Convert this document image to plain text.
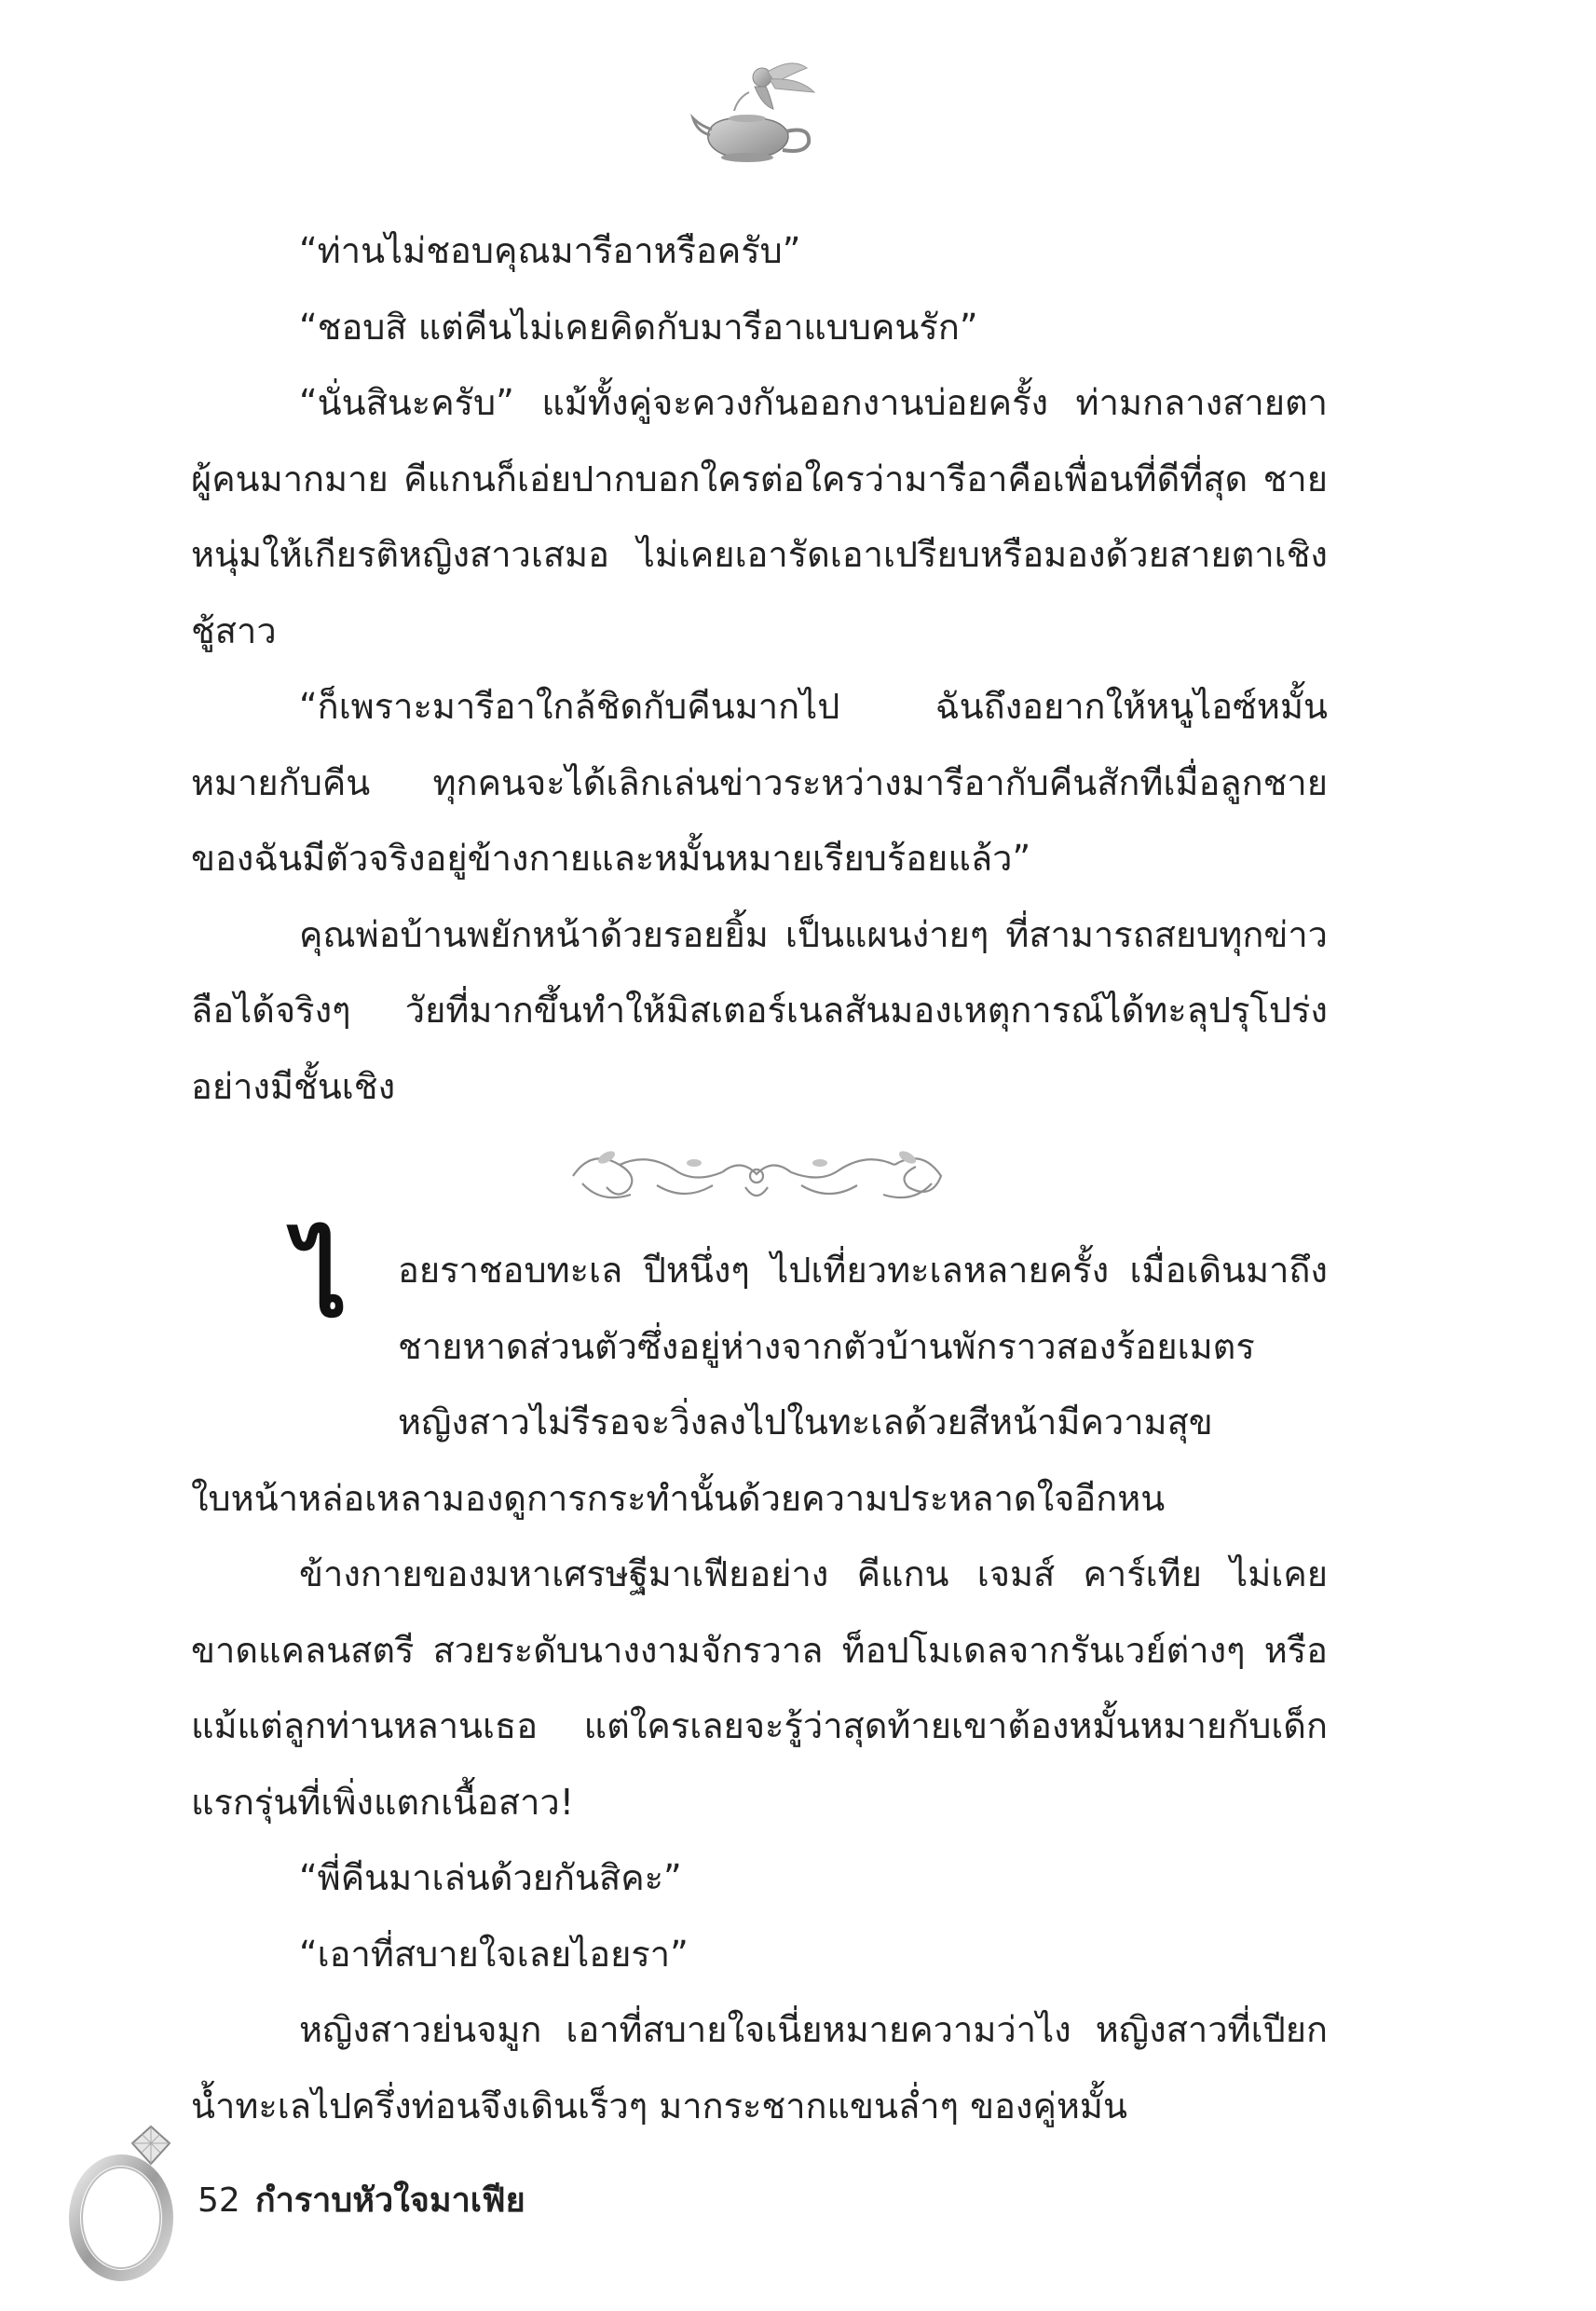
“ท่านไม่ชอบคุณมารีอาหรือครับ”

“ชอบสิ แต่คีนไม่เคยคิดกับมารีอาแบบคนรัก”

“นั่นสินะครับ” แม้ทั้งคู่จะควงกันออกงานบ่อยครั้ง ท่ามกลางสายตาผู้คนมากมาย คีแกนก็เอ่ยปากบอกใครต่อใครว่ามารีอาคือเพื่อนที่ดีที่สุด ชายหนุ่มให้เกียรติหญิงสาวเสมอ ไม่เคยเอารัดเอาเปรียบหรือมองด้วยสายตาเชิงชู้สาว

“ก็เพราะมารีอาใกล้ชิดกับคีนมากไป ฉันถึงอยากให้หนูไอซ์หมั้นหมายกับคีน ทุกคนจะได้เลิกเล่นข่าวระหว่างมารีอากับคีนสักทีเมื่อลูกชายของฉันมีตัวจริงอยู่ข้างกายและหมั้นหมายเรียบร้อยแล้ว”

คุณพ่อบ้านพยักหน้าด้วยรอยยิ้ม เป็นแผนง่ายๆ ที่สามารถสยบทุกข่าวลือได้จริงๆ วัยที่มากขึ้นทำให้มิสเตอร์เนลสันมองเหตุการณ์ได้ทะลุปรุโปร่งอย่างมีชั้นเชิง

ไ	อยราชอบทะเล ปีหนึ่งๆ ไปเที่ยวทะเลหลายครั้ง เมื่อเดินมาถึงชายหาดส่วนตัวซึ่งอยู่ห่างจากตัวบ้านพักราวสองร้อยเมตร หญิงสาวไม่รีรอจะวิ่งลงไปในทะเลด้วยสีหน้ามีความสุข ใบหน้าหล่อเหลามองดูการกระทำนั้นด้วยความประหลาดใจอีกหน

ข้างกายของมหาเศรษฐีมาเฟียอย่าง คีแกน เจมส์ คาร์เทีย ไม่เคยขาดแคลนสตรี สวยระดับนางงามจักรวาล ท็อปโมเดลจากรันเวย์ต่างๆ หรือแม้แต่ลูกท่านหลานเธอ แต่ใครเลยจะรู้ว่าสุดท้ายเขาต้องหมั้นหมายกับเด็กแรกรุ่นที่เพิ่งแตกเนื้อสาว!

“พี่คีนมาเล่นด้วยกันสิคะ”

“เอาที่สบายใจเลยไอยรา”

หญิงสาวย่นจมูก เอาที่สบายใจเนี่ยหมายความว่าไง หญิงสาวที่เปียกน้ำทะเลไปครึ่งท่อนจึงเดินเร็วๆ มากระชากแขนล่ำๆ ของคู่หมั้น

52 กำราบหัวใจมาเฟีย
